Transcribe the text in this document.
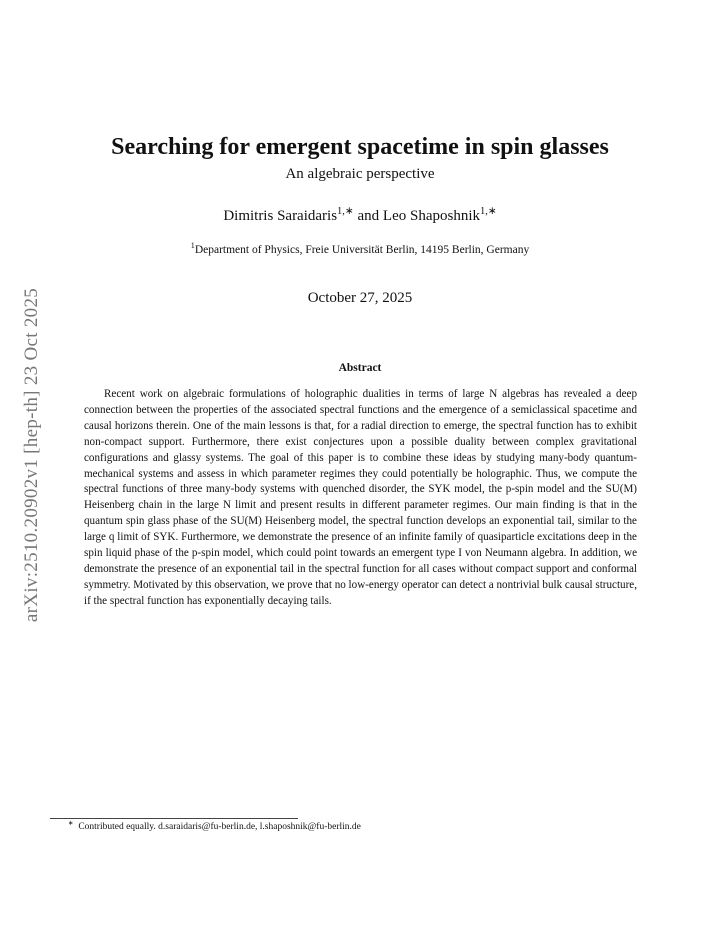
arXiv:2510.20902v1 [hep-th] 23 Oct 2025
Searching for emergent spacetime in spin glasses
An algebraic perspective
Dimitris Saraidaris$^{1,∗}$ and Leo Shaposhnik$^{1,∗}$
$^1$Department of Physics, Freie Universität Berlin, 14195 Berlin, Germany
October 27, 2025
Abstract

Recent work on algebraic formulations of holographic dualities in terms of large N algebras has revealed a deep connection between the properties of the associated spectral functions and the emergence of a semiclassical spacetime and causal horizons therein. One of the main lessons is that, for a radial direction to emerge, the spectral function has to exhibit non-compact support. Furthermore, there exist conjectures upon a possible duality between complex gravitational configurations and glassy systems. The goal of this paper is to combine these ideas by studying many-body quantum-mechanical systems and assess in which parameter regimes they could potentially be holographic. Thus, we compute the spectral functions of three many-body systems with quenched disorder, the SYK model, the p-spin model and the SU(M) Heisenberg chain in the large N limit and present results in different parameter regimes. Our main finding is that in the quantum spin glass phase of the SU(M) Heisenberg model, the spectral function develops an exponential tail, similar to the large q limit of SYK. Furthermore, we demonstrate the presence of an infinite family of quasiparticle excitations deep in the spin liquid phase of the p-spin model, which could point towards an emergent type I von Neumann algebra. In addition, we demonstrate the presence of an exponential tail in the spectral function for all cases without compact support and conformal symmetry. Motivated by this observation, we prove that no low-energy operator can detect a nontrivial bulk causal structure, if the spectral function has exponentially decaying tails.

∗ Contributed equally. d.saraidaris@fu-berlin.de, l.shaposhnik@fu-berlin.de
